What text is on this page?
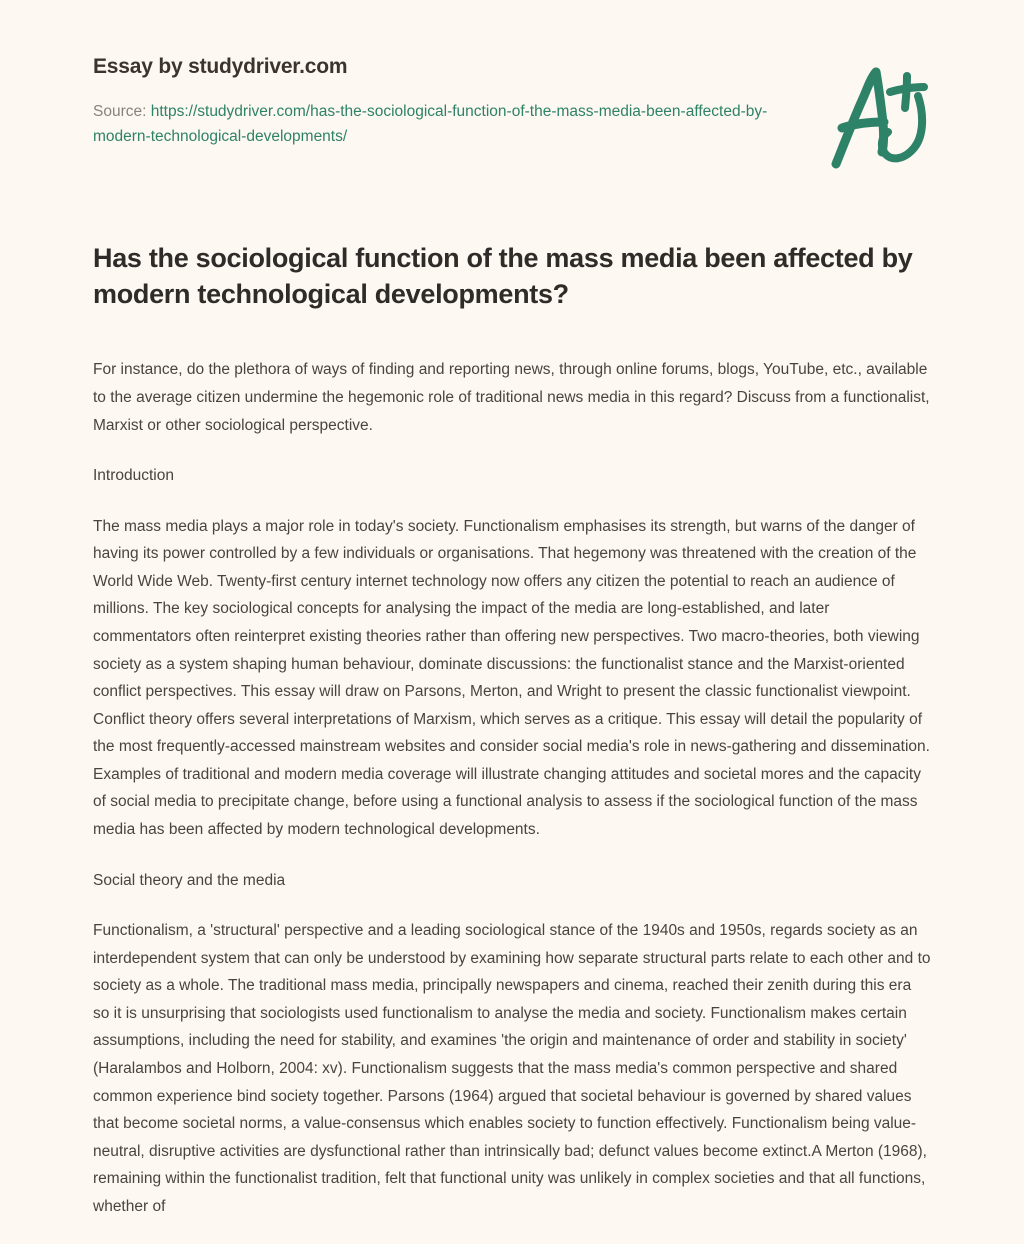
Essay by studydriver.com
Source: https://studydriver.com/has-the-sociological-function-of-the-mass-media-been-affected-by-modern-technological-developments/
Has the sociological function of the mass media been affected by modern technological developments?

For instance, do the plethora of ways of finding and reporting news, through online forums, blogs, YouTube, etc., available to the average citizen undermine the hegemonic role of traditional news media in this regard? Discuss from a functionalist, Marxist or other sociological perspective.

Introduction

The mass media plays a major role in today's society. Functionalism emphasises its strength, but warns of the danger of having its power controlled by a few individuals or organisations. That hegemony was threatened with the creation of the World Wide Web. Twenty-first century internet technology now offers any citizen the potential to reach an audience of millions. The key sociological concepts for analysing the impact of the media are long-established, and later commentators often reinterpret existing theories rather than offering new perspectives. Two macro-theories, both viewing society as a system shaping human behaviour, dominate discussions: the functionalist stance and the Marxist-oriented conflict perspectives. This essay will draw on Parsons, Merton, and Wright to present the classic functionalist viewpoint. Conflict theory offers several interpretations of Marxism, which serves as a critique. This essay will detail the popularity of the most frequently-accessed mainstream websites and consider social media's role in news-gathering and dissemination. Examples of traditional and modern media coverage will illustrate changing attitudes and societal mores and the capacity of social media to precipitate change, before using a functional analysis to assess if the sociological function of the mass media has been affected by modern technological developments.

Social theory and the media

Functionalism, a 'structural' perspective and a leading sociological stance of the 1940s and 1950s, regards society as an interdependent system that can only be understood by examining how separate structural parts relate to each other and to society as a whole. The traditional mass media, principally newspapers and cinema, reached their zenith during this era so it is unsurprising that sociologists used functionalism to analyse the media and society. Functionalism makes certain assumptions, including the need for stability, and examines 'the origin and maintenance of order and stability in society' (Haralambos and Holborn, 2004: xv). Functionalism suggests that the mass media's common perspective and shared common experience bind society together. Parsons (1964) argued that societal behaviour is governed by shared values that become societal norms, a value-consensus which enables society to function effectively. Functionalism being value-neutral, disruptive activities are dysfunctional rather than intrinsically bad; defunct values become extinct.A Merton (1968), remaining within the functionalist tradition, felt that functional unity was unlikely in complex societies and that all functions, whether of
